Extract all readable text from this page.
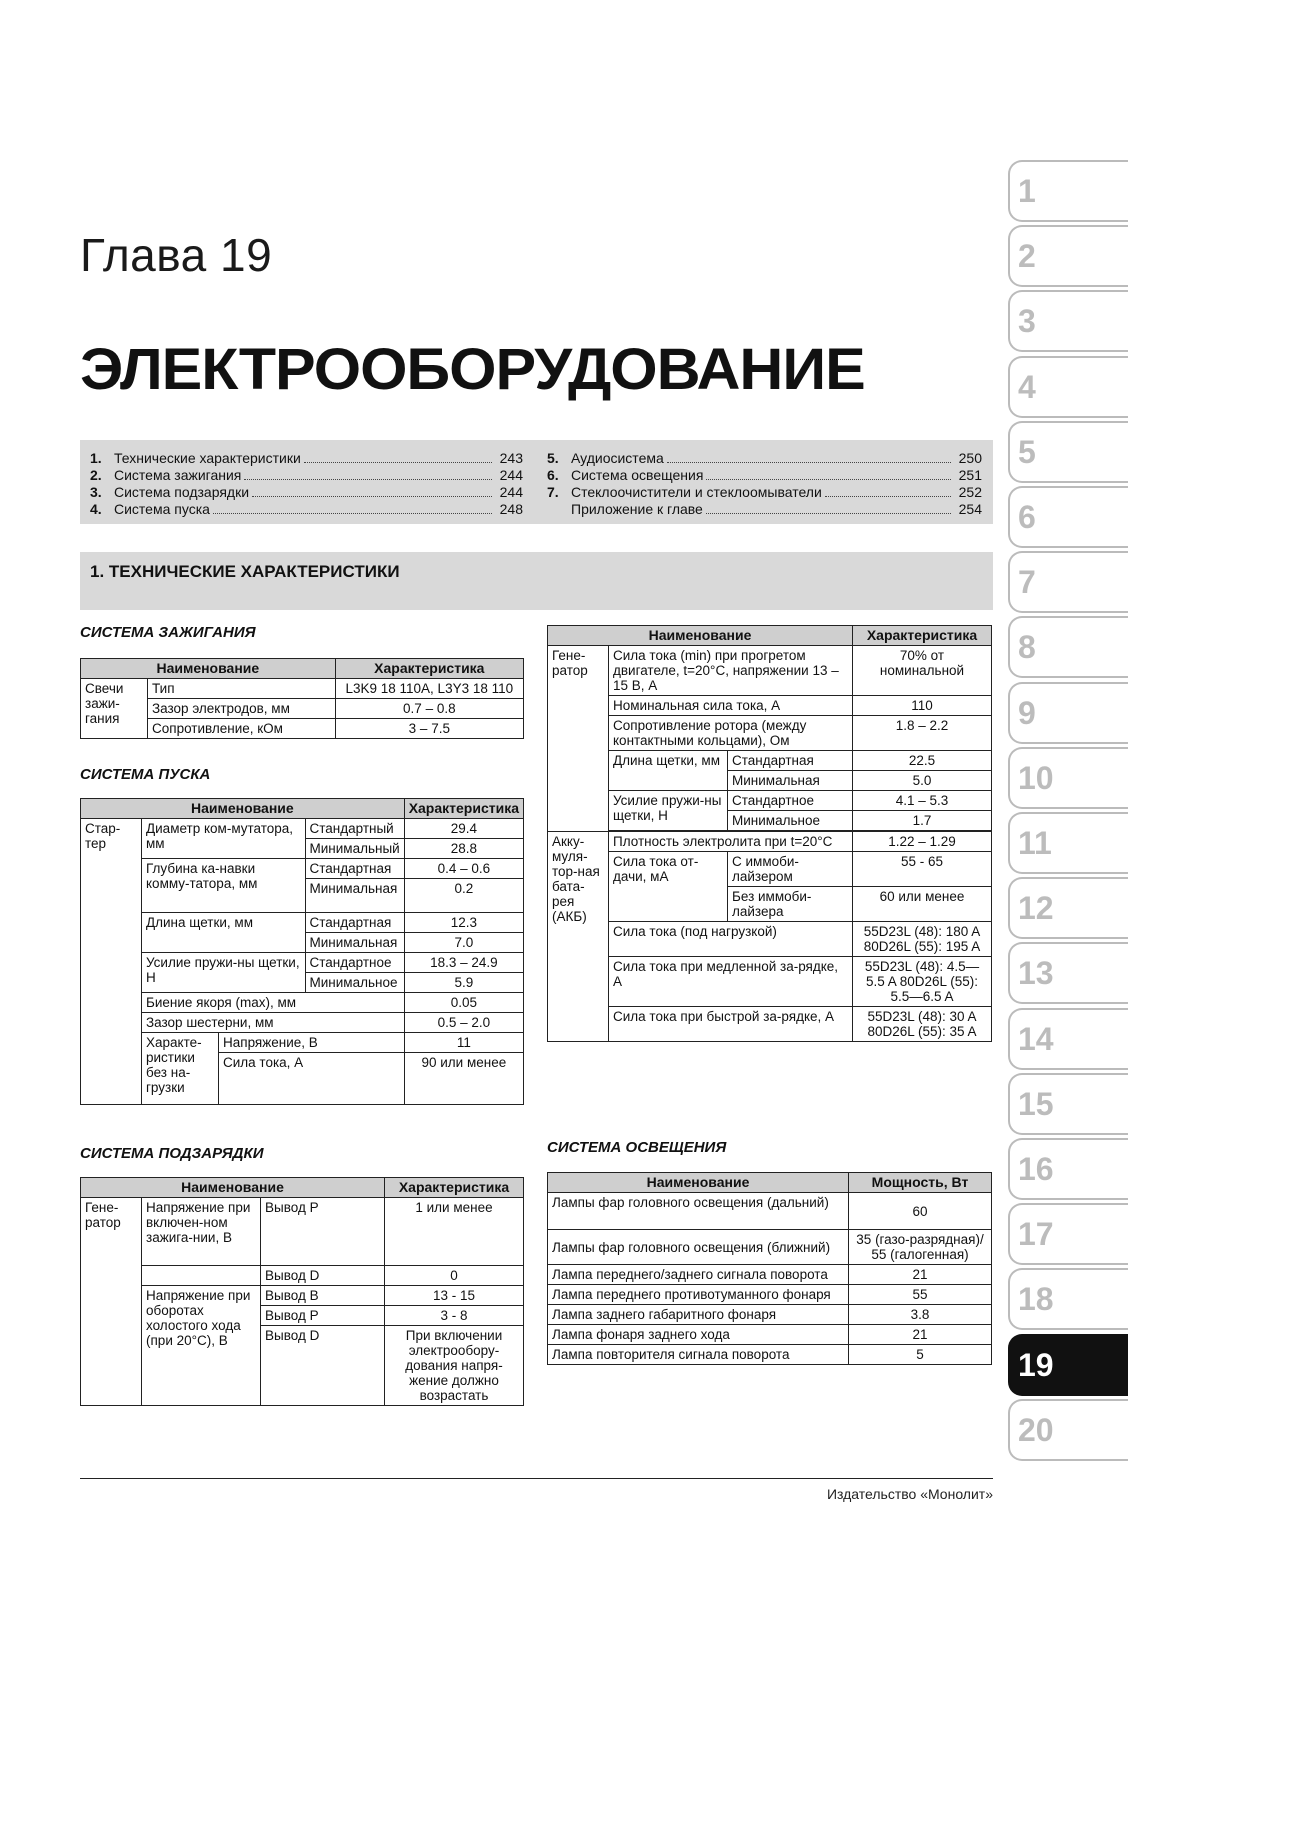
Глава 19
ЭЛЕКТРООБОРУДОВАНИЕ
1. Технические характеристики	243
2. Система зажигания	244
3. Система подзарядки	244
4. Система пуска	248
5. Аудиосистема	250
6. Система освещения	251
7. Стеклоочистители и стеклоомыватели	252
Приложение к главе	254
1. ТЕХНИЧЕСКИЕ ХАРАКТЕРИСТИКИ

СИСТЕМА ЗАЖИГАНИЯ

Наименование		Характеристика
Свечи зажи-гания	Тип	L3K9 18 110A, L3Y3 18 110
	Зазор электродов, мм	0.7 – 0.8
	Сопротивление, кОм	3 – 7.5

СИСТЕМА ПУСКА

Наименование				Характеристика
Стар-тер	Диаметр ком-мутатора, мм		Стандартный	29.4
			Минимальный	28.8
	Глубина ка-навки комму-татора, мм		Стандартная	0.4 – 0.6
			Минимальная	0.2
	Длина щетки, мм		Стандартная	12.3
			Минимальная	7.0
	Усилие пружи-ны щетки, Н		Стандартное	18.3 – 24.9
			Минимальное	5.9
	Биение якоря (max), мм			0.05
	Зазор шестерни, мм			0.5 – 2.0
	Характе-ристики без на-грузки	Напряжение, В		11
		Сила тока, А		90 или менее

СИСТЕМА ПОДЗАРЯДКИ

Наименование			Характеристика
Гене-ратор	Напряжение при включен-ном зажига-нии, В	Вывод P	1 или менее
		Вывод D	0
	Напряжение при оборотах холостого хода (при 20°С), В	Вывод B	13 - 15
		Вывод P	3 - 8
		Вывод D	При включении электрообору-дования напря-жение должно возрастать
Наименование			Характеристика
Гене-ратор	Сила тока (min) при прогретом двигателе, t=20°С, напряжении 13 – 15 В, А		70% от номинальной
	Номинальная сила тока, А		110
	Сопротивление ротора (между контактными кольцами), Ом		1.8 – 2.2
	Длина щетки, мм	Стандартная	22.5
		Минимальная	5.0
	Усилие пружи-ны щетки, Н	Стандартное	4.1 – 5.3
		Минимальное	1.7

Акку-муля-тор-ная бата-рея (АКБ)	Плотность электролита при t=20°С		1.22 – 1.29
	Сила тока от-дачи, мА	С иммоби-лайзером	55 - 65
		Без иммоби-лайзера	60 или менее
	Сила тока (под нагрузкой)		55D23L (48): 180 A
80D26L (55): 195 A

	Сила тока при медленной за-рядке, А		55D23L (48): 4.5—5.5 A 80D26L (55): 5.5—6.5 A
	Сила тока при быстрой за-рядке, А		55D23L (48): 30 A
80D26L (55): 35 A

СИСТЕМА ОСВЕЩЕНИЯ

Наименование	Мощность, Вт
Лампы фар головного освещения (дальний)	60
Лампы фар головного освещения (ближний)	35 (газо-разрядная)/ 55 (галогенная)
Лампа переднего/заднего сигнала поворота	21
Лампа переднего противотуманного фонаря	55
Лампа заднего габаритного фонаря	3.8
Лампа фонаря заднего хода	21
Лампа повторителя сигнала поворота	5
1
2
3
4
5
6
7
8
9
10
11
12
13
14
15
16
17
18
19
20
Издательство «Монолит»
